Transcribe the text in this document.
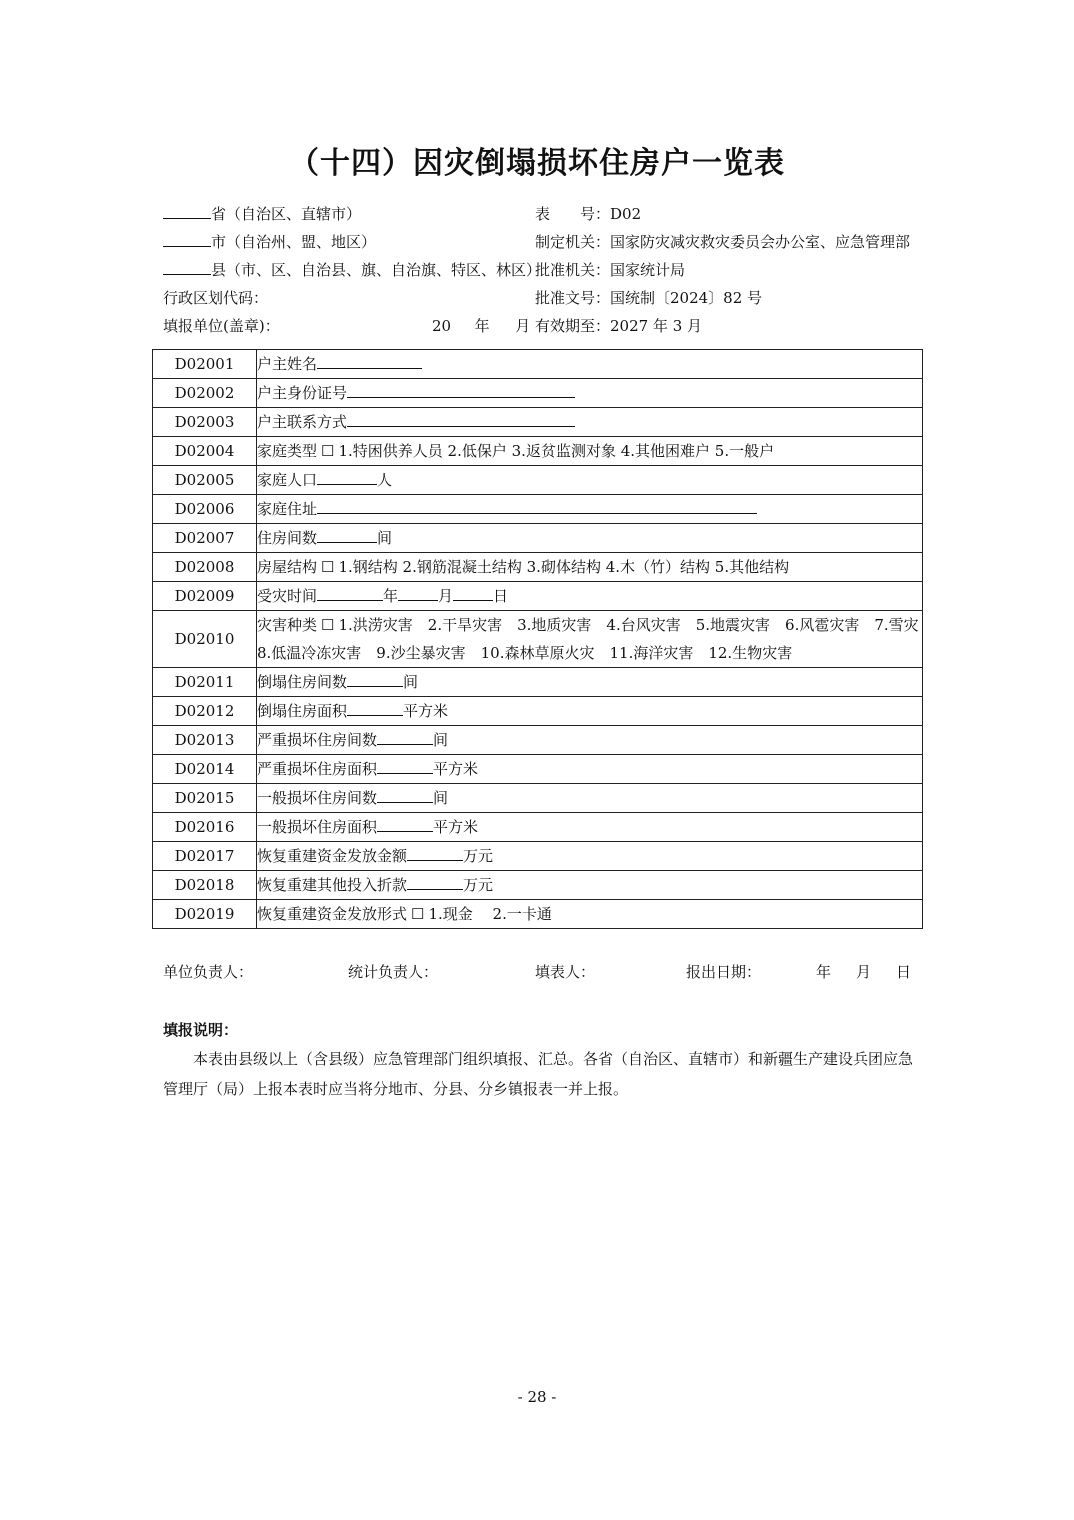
（十四）因灾倒塌损坏住房户一览表
省（自治区、直辖市）
市（自治州、盟、地区）
县（市、区、自治县、旗、自治旗、特区、林区）
行政区划代码：
填报单位(盖章)：
表　　号：D02
制定机关：国家防灾减灾救灾委员会办公室、应急管理部
批准机关：国家统计局
批准文号：国统制〔2024〕82 号
有效期至：2027 年 3 月
20 年 月
D02001	户主姓名
D02002	户主身份证号
D02003	户主联系方式
D02004	家庭类型 ☐ 1.特困供养人员 2.低保户 3.返贫监测对象 4.其他困难户 5.一般户
D02005	家庭人口 人
D02006	家庭住址
D02007	住房间数 间
D02008	房屋结构 ☐ 1.钢结构 2.钢筋混凝土结构 3.砌体结构 4.木（竹）结构 5.其他结构
D02009	受灾时间 年 月 日
D02010	灾害种类 ☐ 1.洪涝灾害　2.干旱灾害　3.地质灾害　4.台风灾害　5.地震灾害　6.风雹灾害　7.雪灾　8.低温冷冻灾害　9.沙尘暴灾害　10.森林草原火灾　11.海洋灾害　12.生物灾害
D02011	倒塌住房间数 间
D02012	倒塌住房面积 平方米
D02013	严重损坏住房间数 间
D02014	严重损坏住房面积 平方米
D02015	一般损坏住房间数 间
D02016	一般损坏住房面积 平方米
D02017	恢复重建资金发放金额 万元
D02018	恢复重建其他投入折款 万元
D02019	恢复重建资金发放形式 ☐ 1.现金　 2.一卡通
单位负责人：	统计负责人：	填表人：	报出日期：	年 月 日
填报说明：
本表由县级以上（含县级）应急管理部门组织填报、汇总。各省（自治区、直辖市）和新疆生产建设兵团应急管理厅（局）上报本表时应当将分地市、分县、分乡镇报表一并上报。
- 28 -
